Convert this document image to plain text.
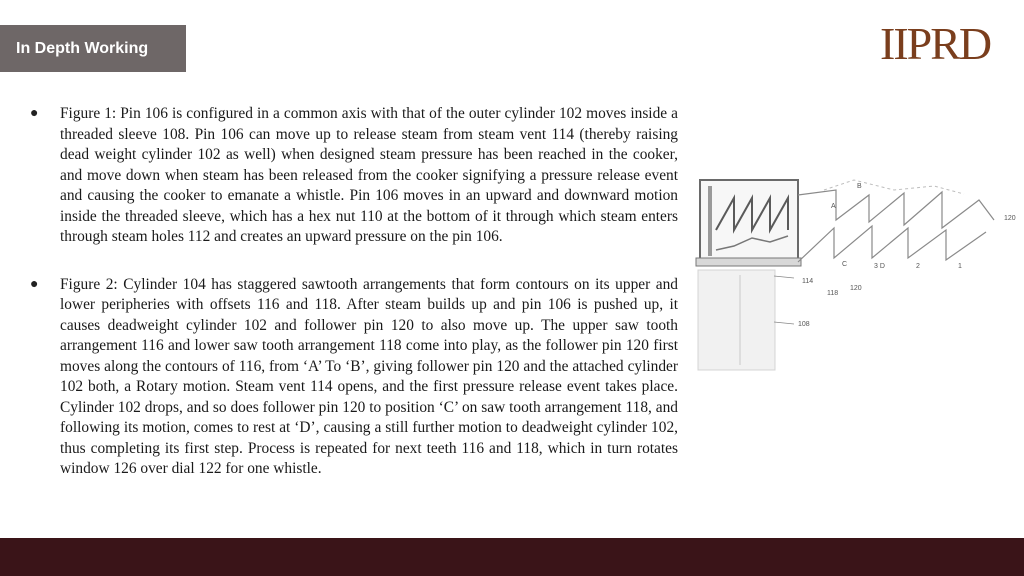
In Depth Working	IIPRD
●	Figure 1: Pin 106 is configured in a common axis with that of the outer cylinder 102 moves inside a threaded sleeve 108. Pin 106 can move up to release steam from steam vent 114 (thereby raising dead weight cylinder 102 as well) when designed steam pressure has been reached in the cooker, and move down when steam has been released from the cooker signifying a pressure release event and causing the cooker to emanate a whistle. Pin 106 moves in an upward and downward motion inside the threaded sleeve, which has a hex nut 110 at the bottom of it through which steam enters through steam holes 112 and creates an upward pressure on the pin 106.
●	Figure 2: Cylinder 104 has staggered sawtooth arrangements that form contours on its upper and lower peripheries with offsets 116 and 118. After steam builds up and pin 106 is pushed up, it causes deadweight cylinder 102 and follower pin 120 to also move up. The upper saw tooth arrangement 116 and lower saw tooth arrangement 118 come into play, as the follower pin 120 first moves along the contours of 116, from ‘A’ To ‘B’, giving follower pin 120 and the attached cylinder 102 both, a Rotary motion. Steam vent 114 opens, and the first pressure release event takes place. Cylinder 102 drops, and so does follower pin 120 to position ‘C’ on saw tooth arrangement 118, and following its motion, comes to rest at ‘D’, causing a still further motion to deadweight cylinder 102, thus completing its first step. Process is repeated for next teeth 116 and 118, which in turn rotates window 126 over dial 122 for one whistle.
120
114
118
120
108
B
A
C	3 D	2	1
